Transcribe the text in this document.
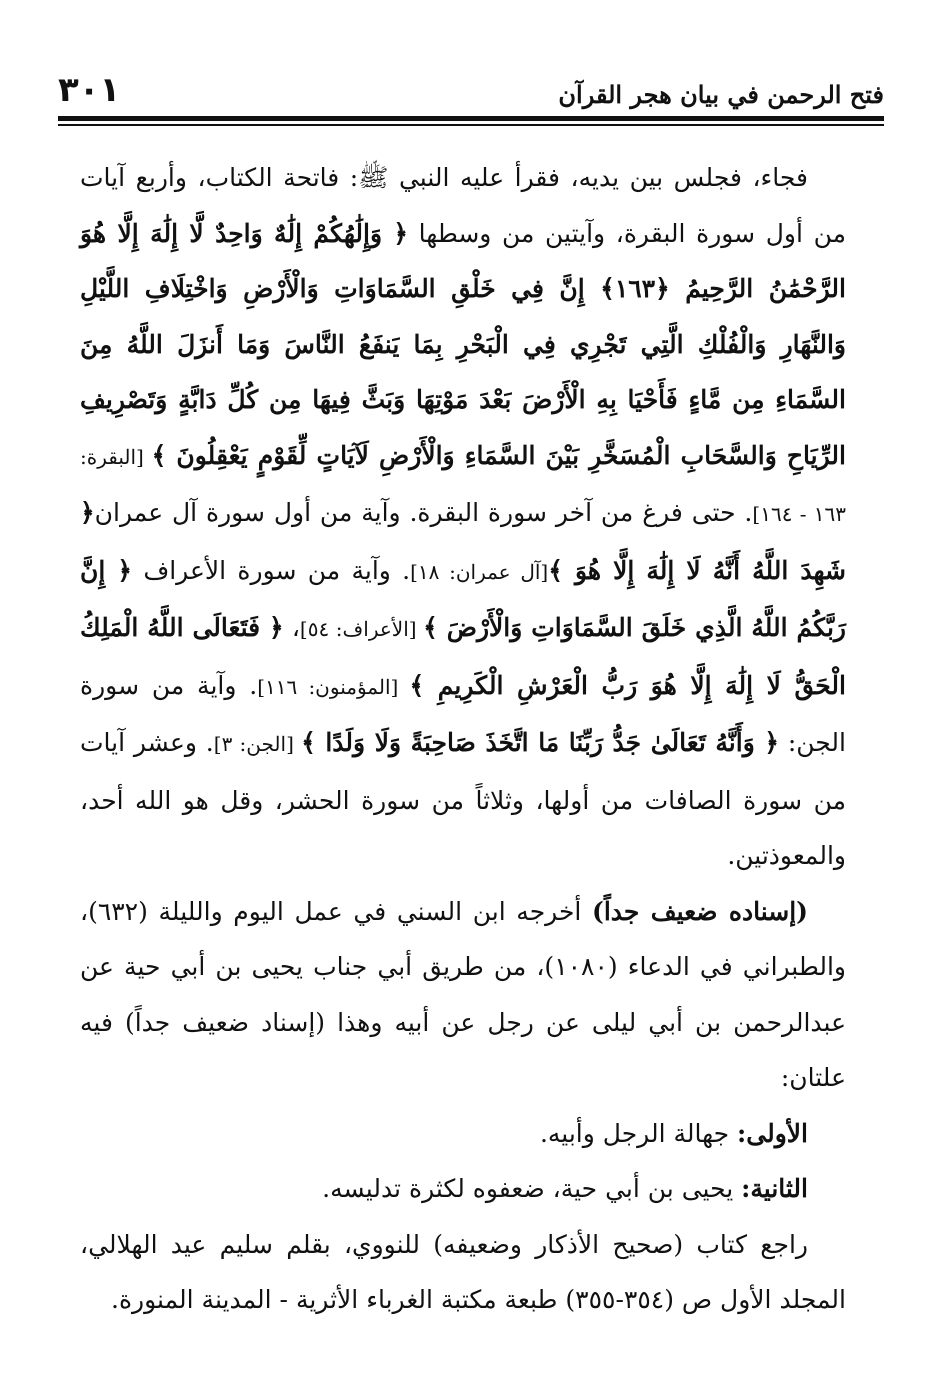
٣٠١	فتح الرحمن في بيان هجر القرآن

فجاء، فجلس بين يديه، فقرأ عليه النبي ﷺ: فاتحة الكتاب، وأربع آيات من أول سورة البقرة، وآيتين من وسطها ﴿ وَإِلَٰهُكُمْ إِلَٰهٌ وَاحِدٌ لَّا إِلَٰهَ إِلَّا هُوَ الرَّحْمَٰنُ الرَّحِيمُ ﴿١٦٣﴾ إِنَّ فِي خَلْقِ السَّمَاوَاتِ وَالْأَرْضِ وَاخْتِلَافِ اللَّيْلِ وَالنَّهَارِ وَالْفُلْكِ الَّتِي تَجْرِي فِي الْبَحْرِ بِمَا يَنفَعُ النَّاسَ وَمَا أَنزَلَ اللَّهُ مِنَ السَّمَاءِ مِن مَّاءٍ فَأَحْيَا بِهِ الْأَرْضَ بَعْدَ مَوْتِهَا وَبَثَّ فِيهَا مِن كُلِّ دَابَّةٍ وَتَصْرِيفِ الرِّيَاحِ وَالسَّحَابِ الْمُسَخَّرِ بَيْنَ السَّمَاءِ وَالْأَرْضِ لَآيَاتٍ لِّقَوْمٍ يَعْقِلُونَ ﴾ [البقرة: ١٦٣ - ١٦٤]. حتى فرغ من آخر سورة البقرة. وآية من أول سورة آل عمران﴿ شَهِدَ اللَّهُ أَنَّهُ لَا إِلَٰهَ إِلَّا هُوَ ﴾[آل عمران: ١٨]. وآية من سورة الأعراف ﴿ إِنَّ رَبَّكُمُ اللَّهُ الَّذِي خَلَقَ السَّمَاوَاتِ وَالْأَرْضَ ﴾ [الأعراف: ٥٤]، ﴿ فَتَعَالَى اللَّهُ الْمَلِكُ الْحَقُّ لَا إِلَٰهَ إِلَّا هُوَ رَبُّ الْعَرْشِ الْكَرِيمِ ﴾ [المؤمنون: ١١٦]. وآية من سورة الجن: ﴿ وَأَنَّهُ تَعَالَىٰ جَدُّ رَبِّنَا مَا اتَّخَذَ صَاحِبَةً وَلَا وَلَدًا ﴾ [الجن: ٣]. وعشر آيات من سورة الصافات من أولها، وثلاثاً من سورة الحشر، وقل هو الله أحد، والمعوذتين.

(إسناده ضعيف جداً) أخرجه ابن السني في عمل اليوم والليلة (٦٣٢)، والطبراني في الدعاء (١٠٨٠)، من طريق أبي جناب يحيى بن أبي حية عن عبدالرحمن بن أبي ليلى عن رجل عن أبيه وهذا (إسناد ضعيف جداً) فيه علتان:

الأولى: جهالة الرجل وأبيه.

الثانية: يحيى بن أبي حية، ضعفوه لكثرة تدليسه.

راجع كتاب (صحيح الأذكار وضعيفه) للنووي، بقلم سليم عيد الهلالي، المجلد الأول ص (٣٥٤-٣٥٥) طبعة مكتبة الغرباء الأثرية - المدينة المنورة.
